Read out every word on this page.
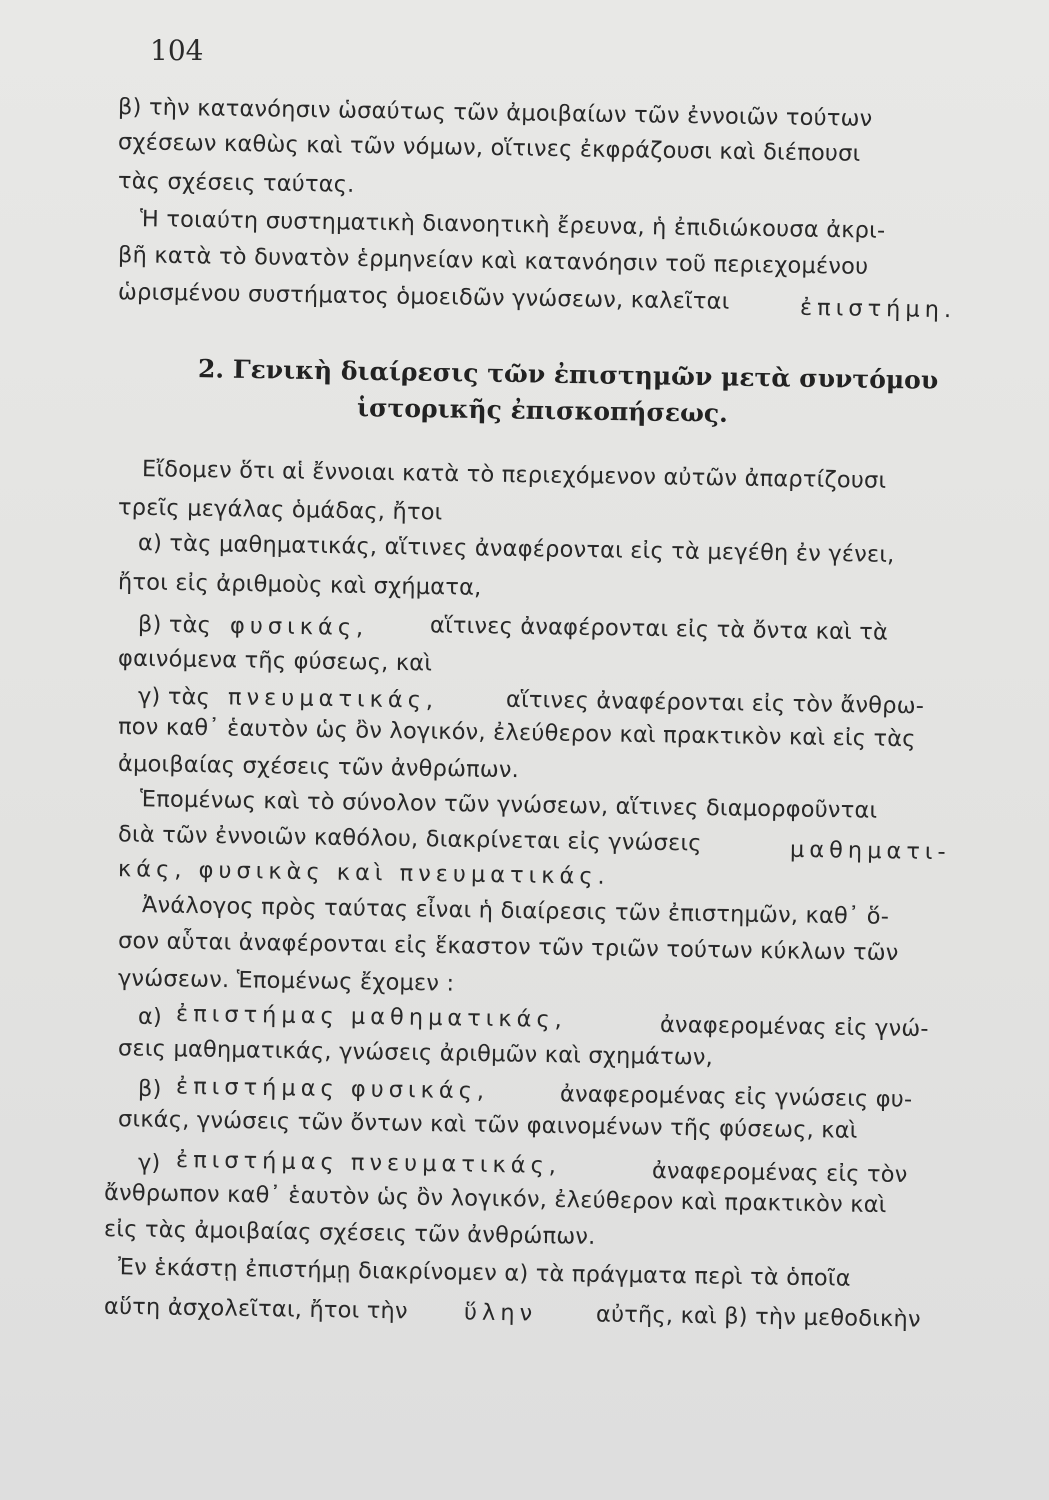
104
β) τὴν κατανόησιν ὡσαύτως τῶν ἀμοιβαίων τῶν ἐννοιῶν τούτων
σχέσεων καθὼς καὶ τῶν νόμων, οἵτινες ἐκφράζουσι καὶ διέπουσι
τὰς σχέσεις ταύτας.
Ἡ τοιαύτη συστηματικὴ διανοητικὴ ἔρευνα, ἡ ἐπιδιώκουσα ἀκρι-
βῆ κατὰ τὸ δυνατὸν ἑρμηνείαν καὶ κατανόησιν τοῦ περιεχομένου
ὡρισμένου συστήματος ὁμοειδῶν γνώσεων, καλεῖται	ἐπιστήμη.
2. Γενικὴ διαίρεσις τῶν ἐπιστημῶν μετὰ συντόμου
ἱστορικῆς ἐπισκοπήσεως.
Εἴδομεν ὅτι αἱ ἔννοιαι κατὰ τὸ περιεχόμενον αὐτῶν ἀπαρτίζουσι
τρεῖς μεγάλας ὁμάδας, ἤτοι
α) τὰς μαθηματικάς, αἵτινες ἀναφέρονται εἰς τὰ μεγέθη ἐν γένει,
ἤτοι εἰς ἀριθμοὺς καὶ σχήματα,
β) τὰς φυσικάς,	αἵτινες ἀναφέρονται εἰς τὰ ὄντα καὶ τὰ
φαινόμενα τῆς φύσεως, καὶ
γ) τὰς πνευματικάς,	αἵτινες ἀναφέρονται εἰς τὸν ἄνθρω-
πον καθ᾿ ἑαυτὸν ὡς ὂν λογικόν, ἐλεύθερον καὶ πρακτικὸν καὶ εἰς τὰς
ἀμοιβαίας σχέσεις τῶν ἀνθρώπων.
Ἑπομένως καὶ τὸ σύνολον τῶν γνώσεων, αἵτινες διαμορφοῦνται
διὰ τῶν ἐννοιῶν καθόλου, διακρίνεται εἰς γνώσεις	μαθηματι-
κάς, φυσικὰς καὶ πνευματικάς.
Ἀνάλογος πρὸς ταύτας εἶναι ἡ διαίρεσις τῶν ἐπιστημῶν, καθ᾿ ὅ-
σον αὗται ἀναφέρονται εἰς ἕκαστον τῶν τριῶν τούτων κύκλων τῶν
γνώσεων. Ἑπομένως ἔχομεν :
α) ἐπιστήμας μαθηματικάς,	ἀναφερομένας εἰς γνώ-
σεις μαθηματικάς, γνώσεις ἀριθμῶν καὶ σχημάτων,
β) ἐπιστήμας φυσικάς,	ἀναφερομένας εἰς γνώσεις φυ-
σικάς, γνώσεις τῶν ὄντων καὶ τῶν φαινομένων τῆς φύσεως, καὶ
γ) ἐπιστήμας πνευματικάς,	ἀναφερομένας εἰς τὸν
ἄνθρωπον καθ᾿ ἑαυτὸν ὡς ὂν λογικόν, ἐλεύθερον καὶ πρακτικὸν καὶ
εἰς τὰς ἀμοιβαίας σχέσεις τῶν ἀνθρώπων.
Ἐν ἑκάστῃ ἐπιστήμῃ διακρίνομεν α) τὰ πράγματα περὶ τὰ ὁποῖα
αὕτη ἀσχολεῖται, ἤτοι τὴν ὕλην	αὐτῆς, καὶ β) τὴν μεθοδικὴν
